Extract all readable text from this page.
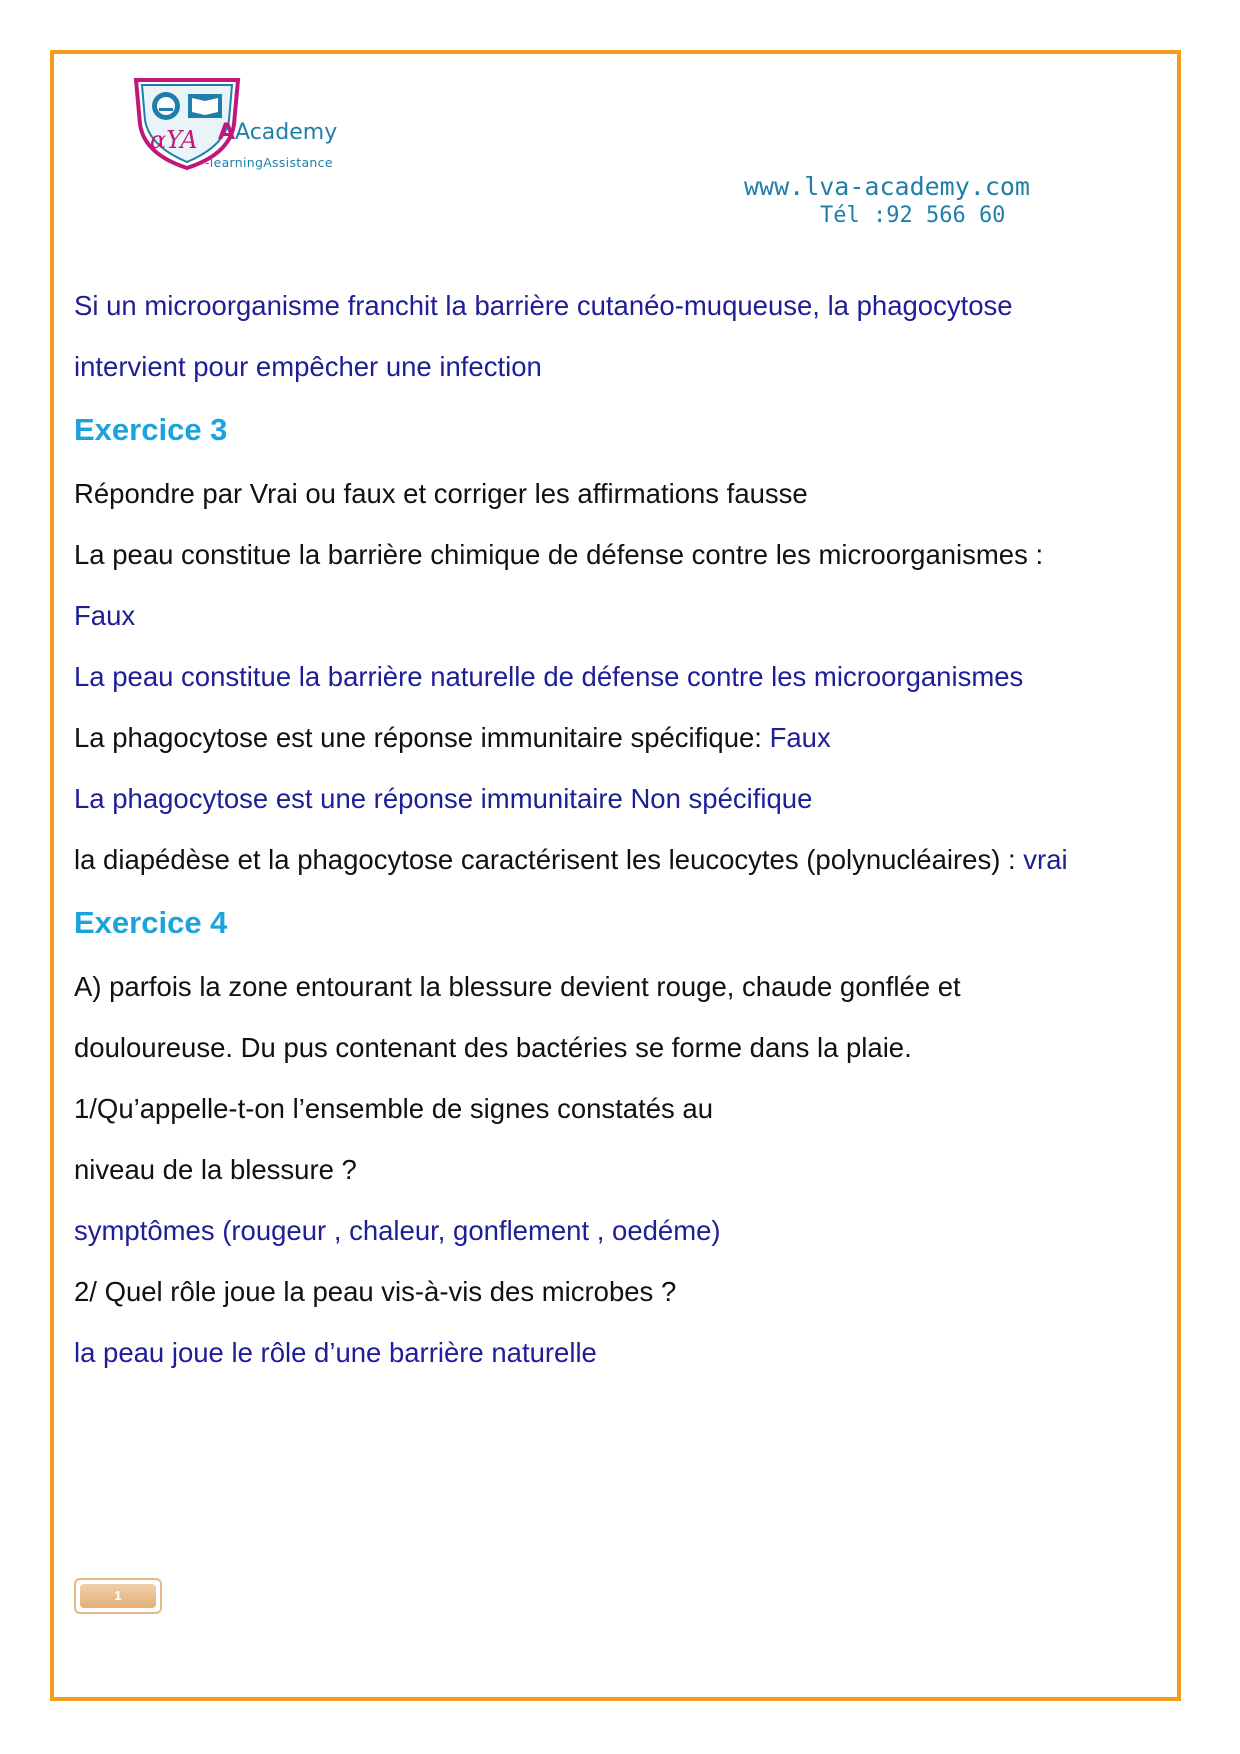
αYA AAcademy
-learningAssistance
www.lva-academy.com
Tél :92 566 60
Si un microorganisme franchit la barrière cutanéo-muqueuse, la phagocytose
intervient pour empêcher une infection
Exercice 3
Répondre par Vrai ou faux et corriger les affirmations fausse
La peau constitue la barrière chimique de défense contre les microorganismes :
Faux
La peau constitue la barrière naturelle de défense contre les microorganismes
La phagocytose est une réponse immunitaire spécifique: Faux
La phagocytose est une réponse immunitaire Non spécifique
la diapédèse et la phagocytose caractérisent les leucocytes (polynucléaires) : vrai
Exercice 4
A) parfois la zone entourant la blessure devient rouge, chaude gonflée et
douloureuse. Du pus contenant des bactéries se forme dans la plaie.
1/Qu’appelle-t-on l’ensemble de signes constatés au
niveau de la blessure ?
symptômes (rougeur , chaleur, gonflement , oedéme)
2/ Quel rôle joue la peau vis-à-vis des microbes ?
la peau joue le rôle d’une barrière naturelle
1
